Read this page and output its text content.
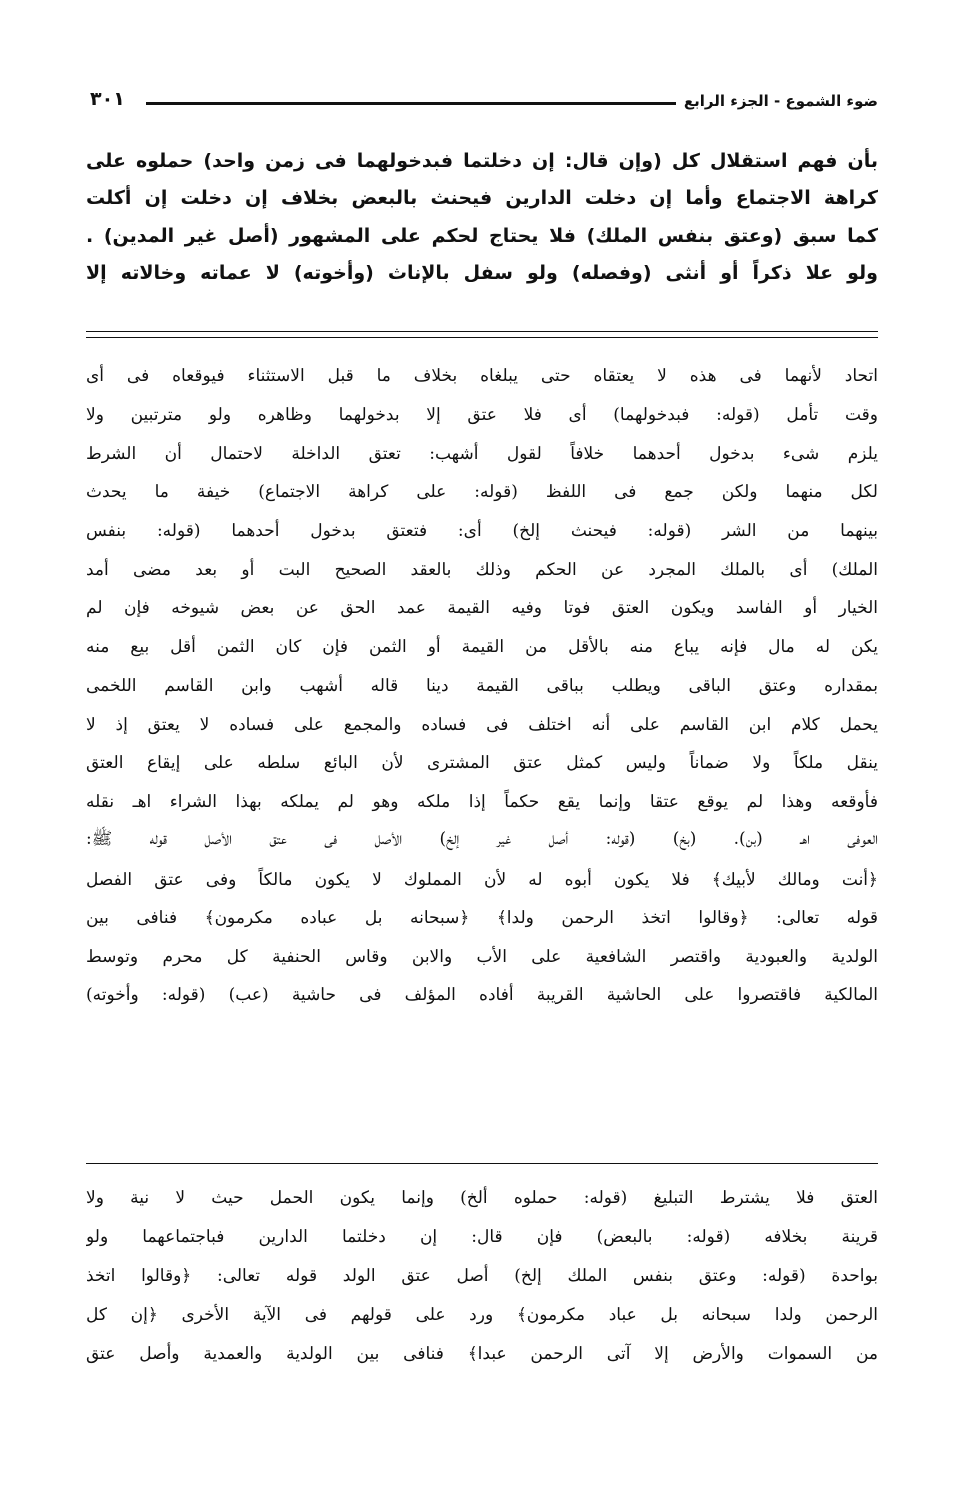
ضوء الشموع - الجزء الرابع
٣٠١
بأن فهم استقلال كل (وإن قال: إن دخلتما فبدخولهما فى زمن واحد) حملوه على
كراهة الاجتماع وأما إن دخلت الدارين فيحنث بالبعض بخلاف إن دخلت إن أكلت
كما سبق (وعتق بنفس الملك) فلا يحتاج لحكم على المشهور (أصل غير المدين) .
ولو علا ذكراً أو أنثى (وفصله) ولو سفل بالإناث (وأخوته) لا عماته وخالاته إلا
اتحاد لأنهما فى هذه لا يعتقاه حتى يبلغاه بخلاف ما قبل الاستثناء فيوقعاه فى أى
وقت تأمل (قوله: فبدخولهما) أى فلا عتق إلا بدخولهما وظاهره ولو مترتبين ولا
يلزم شىء بدخول أحدهما خلافاً لقول أشهب: تعتق الداخلة لاحتمال أن الشرط
لكل منهما ولكن جمع فى اللفظ (قوله: على كراهة الاجتماع) خيفة ما يحدث
بينهما من الشر (قوله: فيحنث إلخ) أى: فتعتق بدخول أحدهما (قوله: بنفس
الملك) أى بالملك المجرد عن الحكم وذلك بالعقد الصحيح البت أو بعد مضى أمد
الخيار أو الفاسد ويكون العتق فوتا وفيه القيمة عمد الحق عن بعض شيوخه فإن لم
يكن له مال فإنه يباع منه بالأقل من القيمة أو الثمن فإن كان الثمن أقل بيع منه
بمقداره وعتق الباقى ويطلب بباقى القيمة دينا قاله أشهب وابن القاسم اللخمى
يحمل كلام ابن القاسم على أنه اختلف فى فساده والمجمع على فساده لا يعتق إذ لا
ينقل ملكاً ولا ضماناً وليس كمثل عتق المشترى لأن البائع سلطه على إيقاع العتق
فأوقعه وهذا لم يوقع عتقا وإنما يقع حكماً إذا ملكه وهو لم يملكه بهذا الشراء اهـ نقله
العوفى اهـ (بن). (بخ) (قوله: أصل غير إلخ) الأصل فى عتق الأصل قوله ﷺ:
﴿أنت ومالك لأبيك﴾ فلا يكون أبوه له لأن المملوك لا يكون مالكاً وفى عتق الفصل
قوله تعالى: ﴿وقالوا اتخذ الرحمن ولدا﴾ ﴿سبحانه بل عباده مكرمون﴾ فنافى بين
الولدية والعبودية واقتصر الشافعية على الأب والابن وقاس الحنفية كل محرم وتوسط
المالكية فاقتصروا على الحاشية القريبة أفاده المؤلف فى حاشية (عب) (قوله: وأخوته)
العتق فلا يشترط التبليغ (قوله: حملوه ألخ) وإنما يكون الحمل حيث لا نية ولا
قرينة بخلافه (قوله: بالبعض) فإن قال: إن دخلتما الدارين فباجتماعهما ولو
بواحدة (قوله: وعتق بنفس الملك إلخ) أصل عتق الولد قوله تعالى: ﴿وقالوا اتخذ
الرحمن ولدا سبحانه بل عباد مكرمون﴾ ورد على قولهم فى الآية الأخرى ﴿إن كل
من السموات والأرض إلا آتى الرحمن عبدا﴾ فنافى بين الولدية والعمدية وأصل عتق
